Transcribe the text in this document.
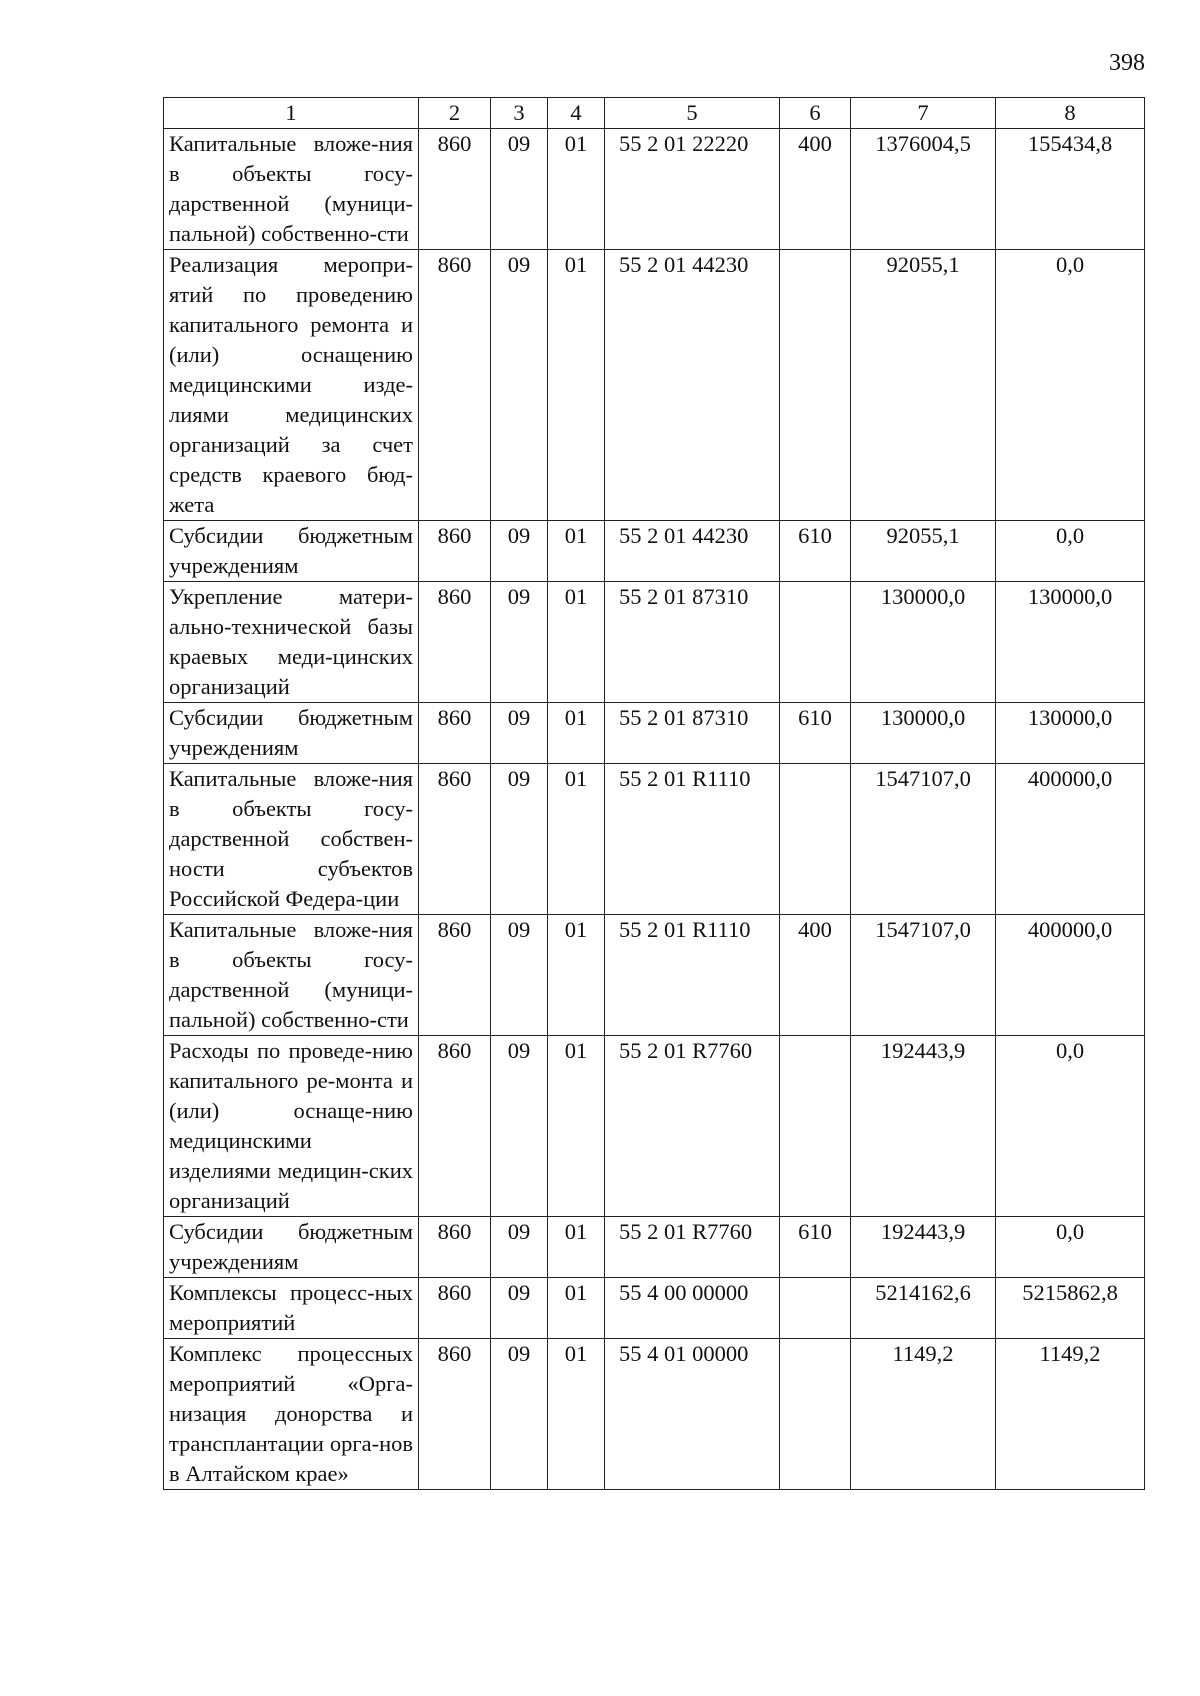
398
1	2	3	4	5	6	7	8
Капитальные вложе-ния в объекты госу-дарственной (муници-пальной) собственно-сти	860	09	01	55 2 01 22220	400	1376004,5	155434,8
Реализация меропри-ятий по проведению капитального ремонта и (или) оснащению медицинскими изде-лиями медицинских организаций за счет средств краевого бюд-жета	860	09	01	55 2 01 44230		92055,1	0,0
Субсидии бюджетным учреждениям	860	09	01	55 2 01 44230	610	92055,1	0,0
Укрепление матери-ально-технической базы краевых меди-цинских организаций	860	09	01	55 2 01 87310		130000,0	130000,0
Субсидии бюджетным учреждениям	860	09	01	55 2 01 87310	610	130000,0	130000,0
Капитальные вложе-ния в объекты госу-дарственной собствен-ности субъектов Российской Федера-ции	860	09	01	55 2 01 R1110		1547107,0	400000,0
Капитальные вложе-ния в объекты госу-дарственной (муници-пальной) собственно-сти	860	09	01	55 2 01 R1110	400	1547107,0	400000,0
Расходы по проведе-нию капитального ре-монта и (или) оснаще-нию медицинскими изделиями медицин-ских организаций	860	09	01	55 2 01 R7760		192443,9	0,0
Субсидии бюджетным учреждениям	860	09	01	55 2 01 R7760	610	192443,9	0,0
Комплексы процесс-ных мероприятий	860	09	01	55 4 00 00000		5214162,6	5215862,8
Комплекс процессных мероприятий «Орга-низация донорства и трансплантации орга-нов в Алтайском крае»	860	09	01	55 4 01 00000		1149,2	1149,2
